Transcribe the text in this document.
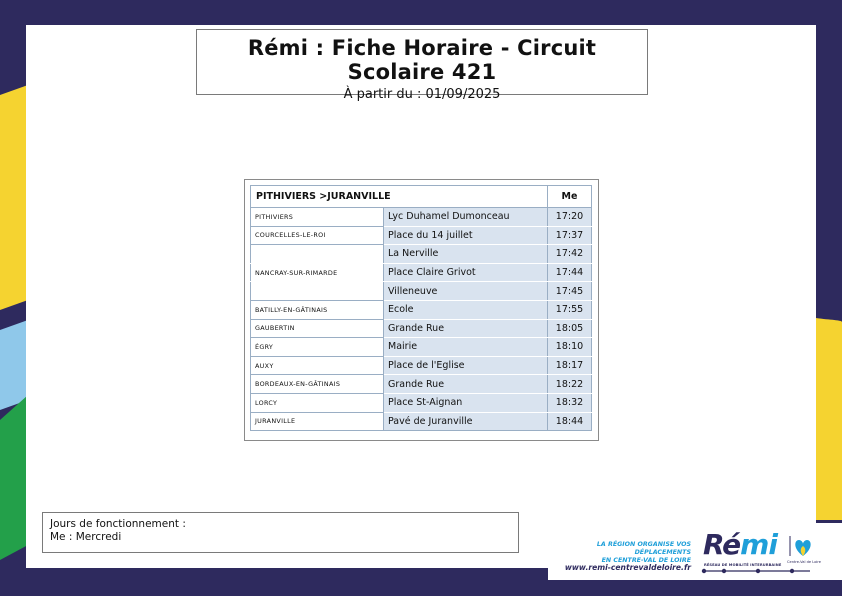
Rémi : Fiche Horaire - Circuit Scolaire 421
À partir du : 01/09/2025
PITHIVIERS >JURANVILLE		Me
PITHIVIERS	Lyc Duhamel Dumonceau	17:20
COURCELLES-LE-ROI	Place du 14 juillet	17:37
	La Nerville	17:42
NANCRAY-SUR-RIMARDE	Place Claire Grivot	17:44
	Villeneuve	17:45
BATILLY-EN-GÂTINAIS	Ecole	17:55
GAUBERTIN	Grande Rue	18:05
ÉGRY	Mairie	18:10
AUXY	Place de l'Eglise	18:17
BORDEAUX-EN-GÂTINAIS	Grande Rue	18:22
LORCY	Place St-Aignan	18:32
JURANVILLE	Pavé de Juranville	18:44
Jours de fonctionnement :
Me : Mercredi
LA RÉGION ORGANISE VOS DÉPLACEMENTS
EN CENTRE-VAL DE LOIRE
www.remi-centrevaldeloire.fr
Rémi
RÉSEAU DE MOBILITÉ INTERURBAINE
Centre-Val de Loire
